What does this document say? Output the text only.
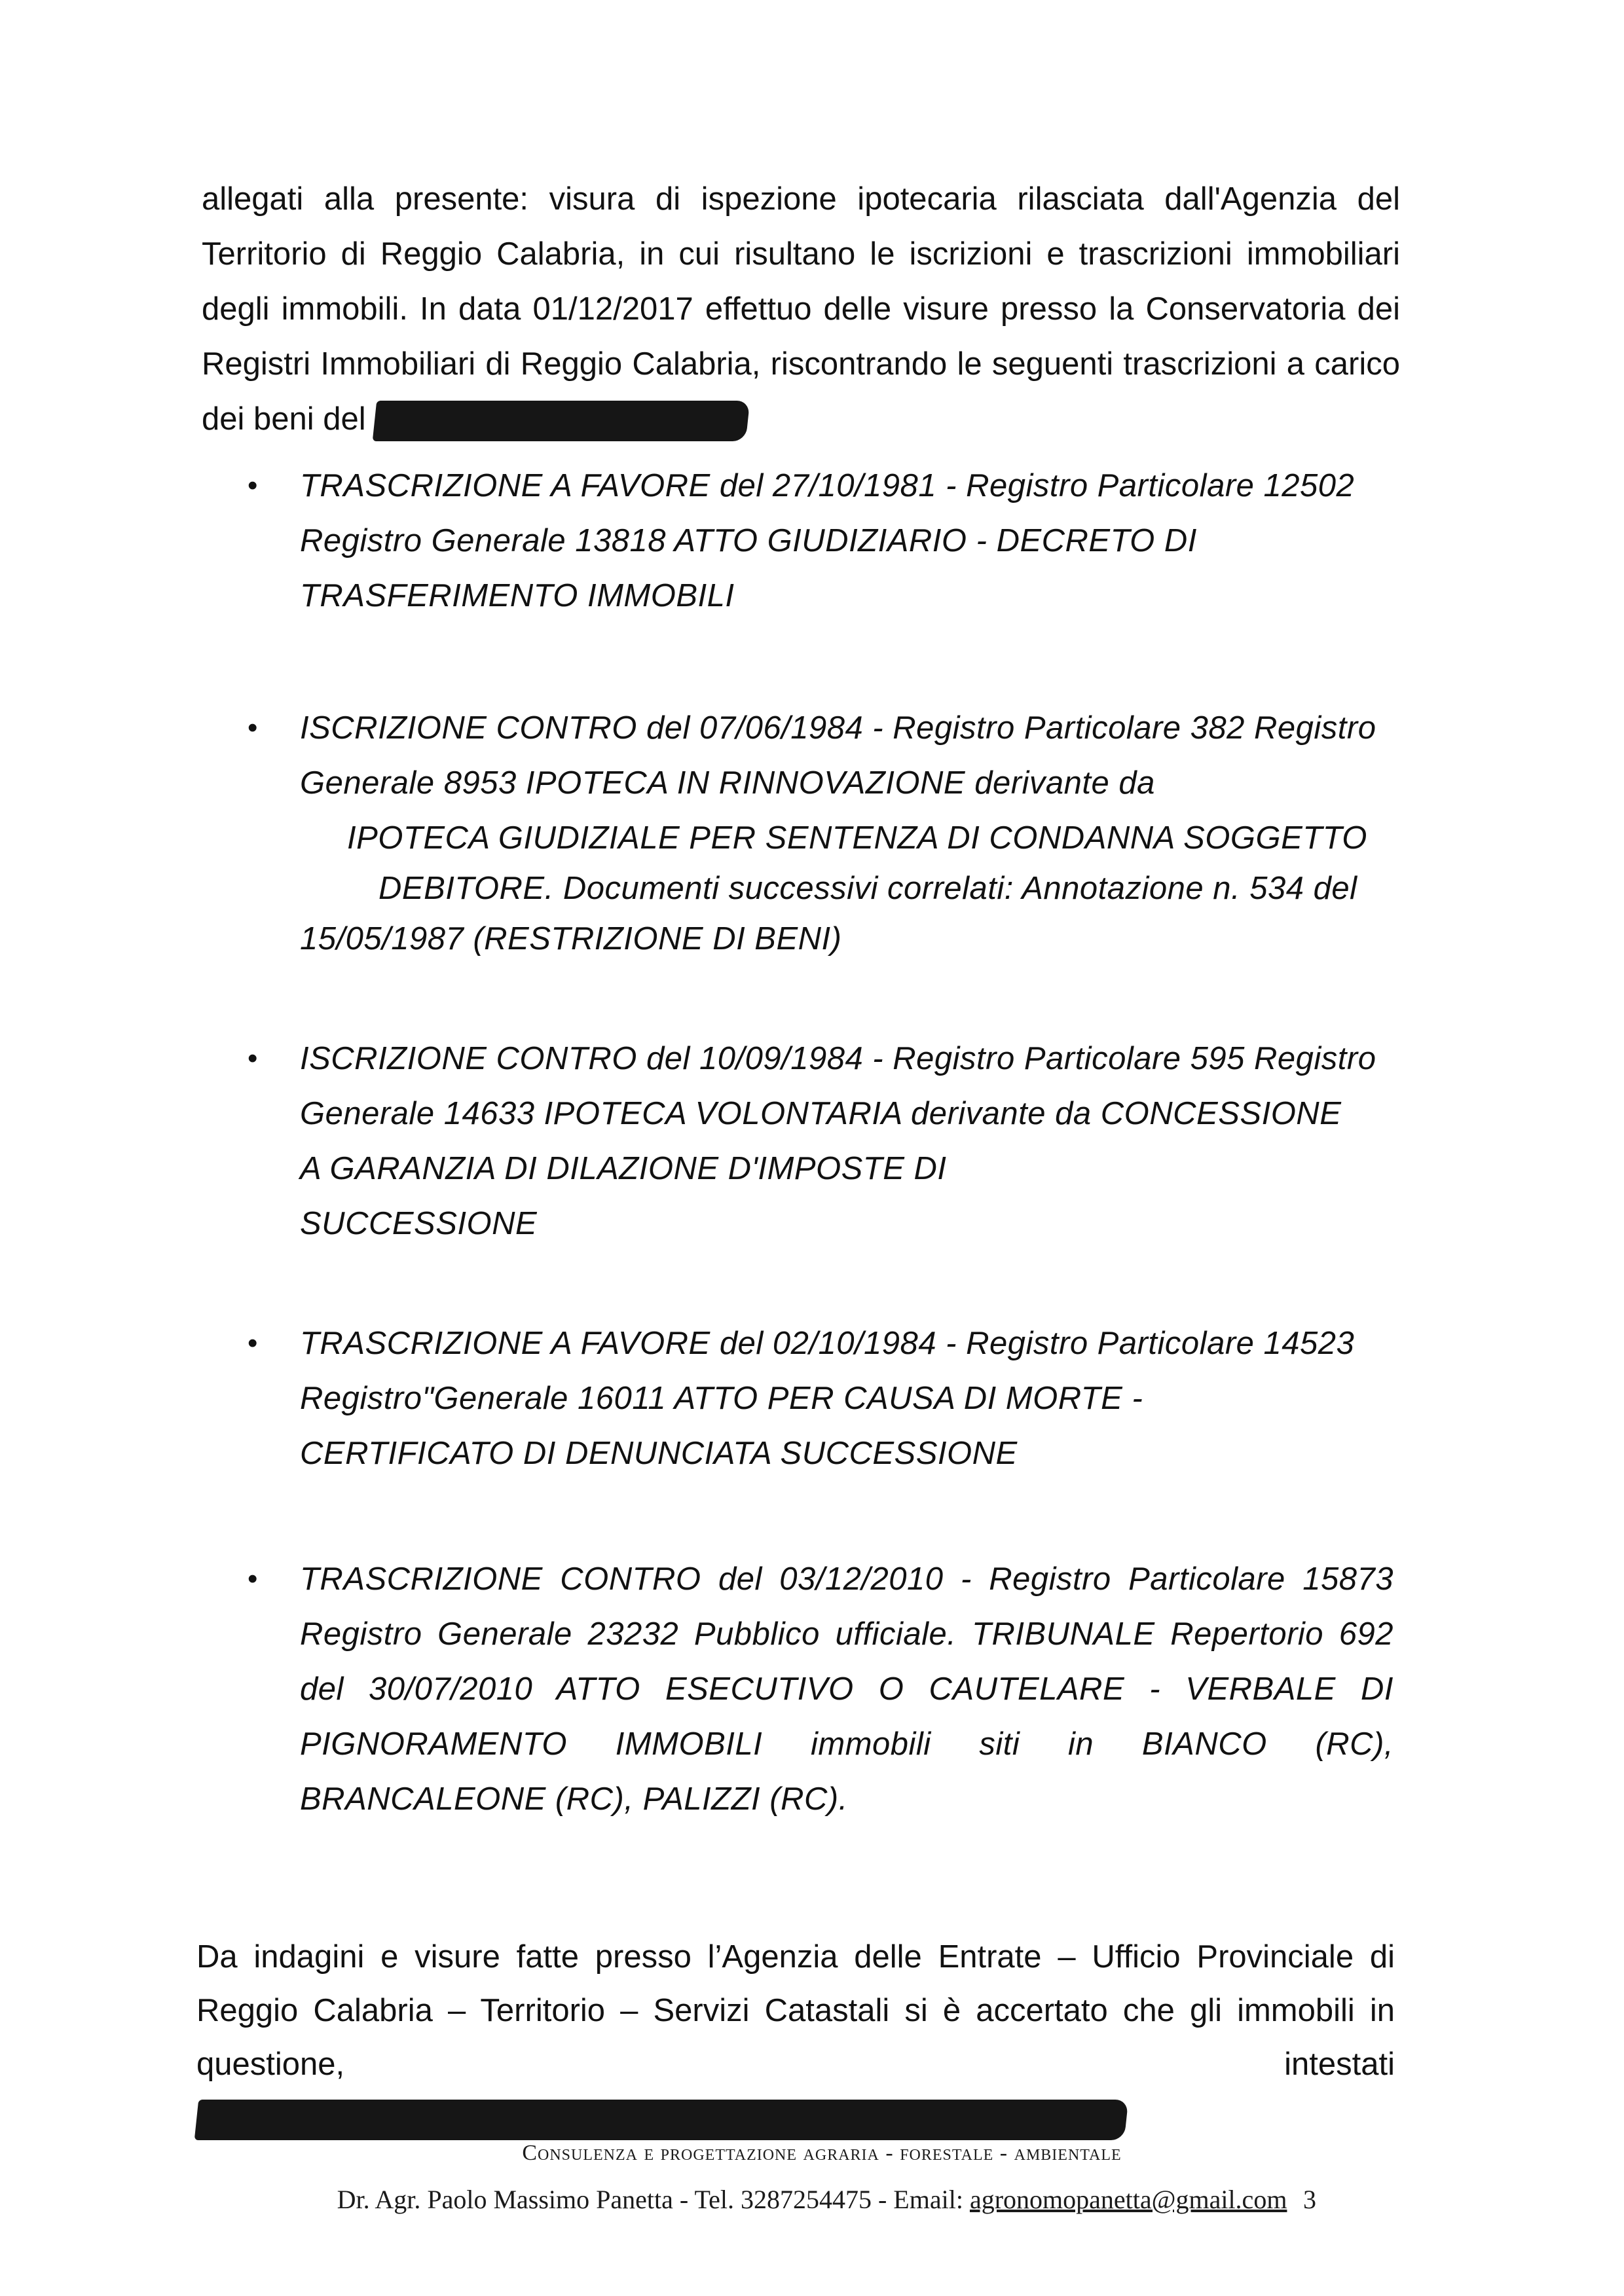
allegati alla presente: visura di ispezione ipotecaria rilasciata dall'Agenzia del Territorio di Reggio Calabria, in cui risultano le iscrizioni e trascrizioni immobiliari degli immobili. In data 01/12/2017 effettuo delle visure presso la Conservatoria dei Registri Immobiliari di Reggio Calabria, riscontrando le seguenti trascrizioni a carico dei beni del

• TRASCRIZIONE A FAVORE del 27/10/1981 - Registro Particolare 12502
Registro Generale 13818 ATTO GIUDIZIARIO - DECRETO DI
TRASFERIMENTO IMMOBILI
• ISCRIZIONE CONTRO del 07/06/1984 - Registro Particolare 382 Registro
Generale 8953 IPOTECA IN RINNOVAZIONE derivante da
IPOTECA GIUDIZIALE PER SENTENZA DI CONDANNA SOGGETTO
DEBITORE. Documenti successivi correlati: Annotazione n. 534 del
15/05/1987 (RESTRIZIONE DI BENI)
• ISCRIZIONE CONTRO del 10/09/1984 - Registro Particolare 595 Registro
Generale 14633 IPOTECA VOLONTARIA derivante da CONCESSIONE
A GARANZIA DI DILAZIONE D'IMPOSTE DI
SUCCESSIONE
• TRASCRIZIONE A FAVORE del 02/10/1984 - Registro Particolare 14523
Registro"Generale 16011 ATTO PER CAUSA DI MORTE -
CERTIFICATO DI DENUNCIATA SUCCESSIONE
• TRASCRIZIONE CONTRO del 03/12/2010 - Registro Particolare 15873
Registro Generale 23232 Pubblico ufficiale. TRIBUNALE Repertorio 692
del 30/07/2010 ATTO ESECUTIVO O CAUTELARE - VERBALE DI
PIGNORAMENTO IMMOBILI immobili siti in BIANCO (RC),
BRANCALEONE (RC), PALIZZI (RC).

Da indagini e visure fatte presso l’Agenzia delle Entrate – Ufficio Provinciale di Reggio Calabria – Territorio – Servizi Catastali si è accertato che gli immobili in questione, intestati

Consulenza e progettazione agraria - forestale - ambientale
Dr. Agr. Paolo Massimo Panetta - Tel. 3287254475 - Email: agronomopanetta@gmail.com 3
